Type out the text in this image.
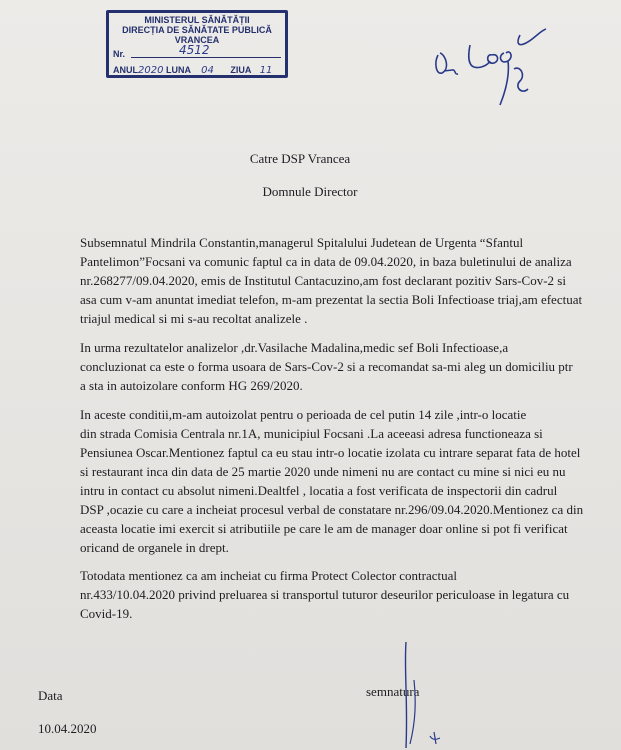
MINISTERUL SĂNĂTĂȚII
DIRECȚIA DE SĂNĂTATE PUBLICĂ
VRANCEA
Nr.	4512
ANUL2020 LUNA 04 ZIUA 11
Catre DSP Vrancea
Domnule Director
Subsemnatul Mindrila Constantin,managerul Spitalului Judetean de Urgenta “Sfantul
Pantelimon”Focsani va comunic faptul ca in data de 09.04.2020, in baza buletinului de analiza
nr.268277/09.04.2020, emis de Institutul Cantacuzino,am fost declarant pozitiv Sars-Cov-2 si
asa cum v-am anuntat imediat telefon, m-am prezentat la sectia Boli Infectioase triaj,am efectuat
triajul medical si mi s-au recoltat analizele .
In urma rezultatelor analizelor ,dr.Vasilache Madalina,medic sef Boli Infectioase,a
concluzionat ca este o forma usoara de Sars-Cov-2 si a recomandat sa-mi aleg un domiciliu ptr
a sta in autoizolare conform HG 269/2020.
In aceste conditii,m-am autoizolat pentru o perioada de cel putin 14 zile ,intr-o locatie
din strada Comisia Centrala nr.1A, municipiul Focsani .La aceeasi adresa functioneaza si
Pensiunea Oscar.Mentionez faptul ca eu stau intr-o locatie izolata cu intrare separat fata de hotel
si restaurant inca din data de 25 martie 2020 unde nimeni nu are contact cu mine si nici eu nu
intru in contact cu absolut nimeni.Dealtfel , locatia a fost verificata de inspectorii din cadrul
DSP ,ocazie cu care a incheiat procesul verbal de constatare nr.296/09.04.2020.Mentionez ca din
aceasta locatie imi exercit si atributiile pe care le am de manager doar online si pot fi verificat
oricand de organele in drept.
Totodata mentionez ca am incheiat cu firma Protect Colector contractual
nr.433/10.04.2020 privind preluarea si transportul tuturor deseurilor periculoase in legatura cu
Covid-19.
Data
10.04.2020
semnatura
